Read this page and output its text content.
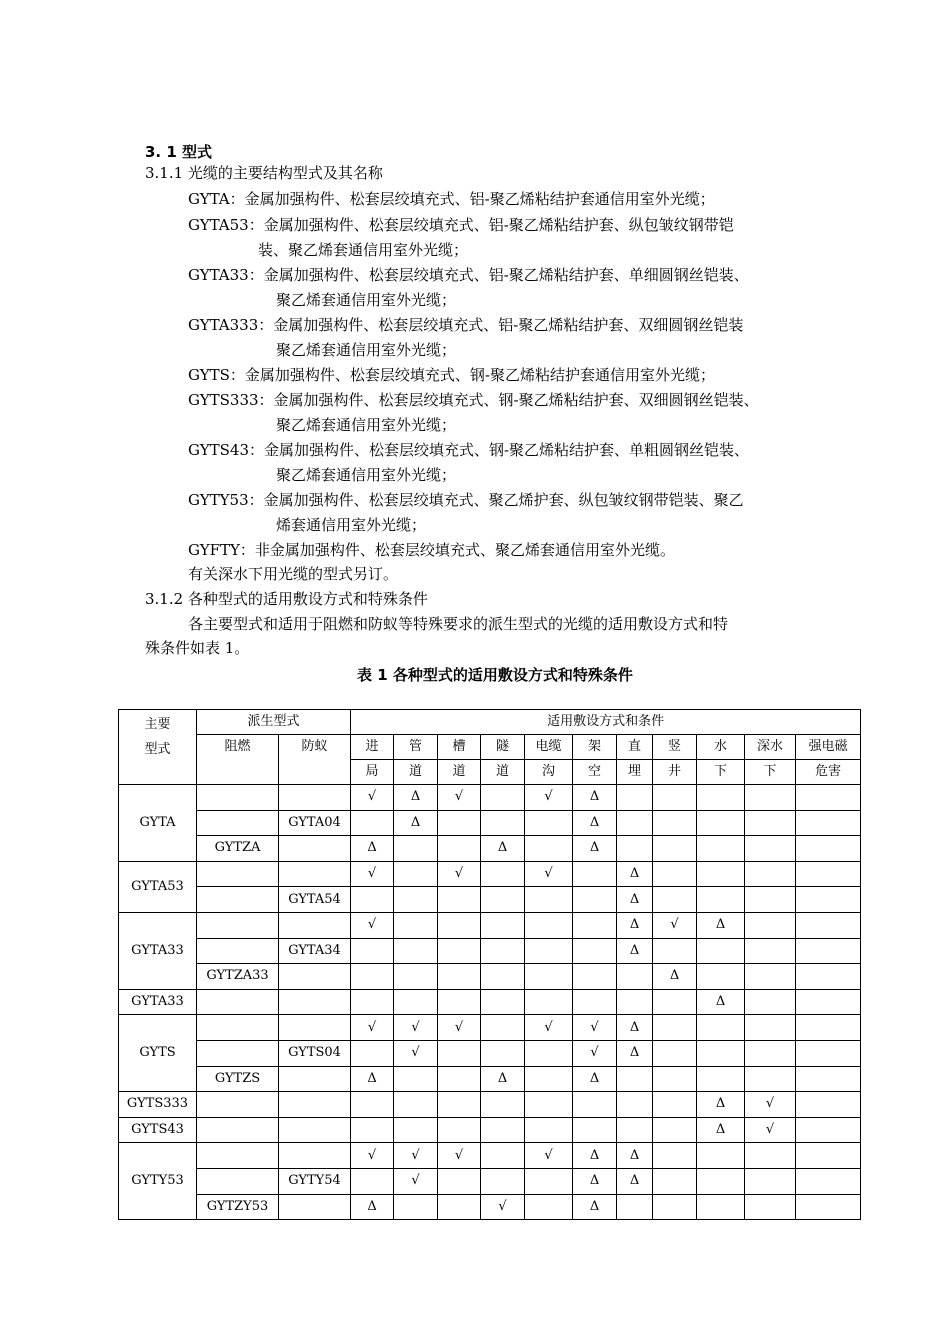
3. 1 型式
3.1.1 光缆的主要结构型式及其名称
GYTA：金属加强构件、松套层绞填充式、铝-聚乙烯粘结护套通信用室外光缆；
GYTA53：金属加强构件、松套层绞填充式、铝-聚乙烯粘结护套、纵包皱纹钢带铠
装、聚乙烯套通信用室外光缆；
GYTA33：金属加强构件、松套层绞填充式、铝-聚乙烯粘结护套、单细圆钢丝铠装、
聚乙烯套通信用室外光缆；
GYTA333：金属加强构件、松套层绞填充式、铝-聚乙烯粘结护套、双细圆钢丝铠装
聚乙烯套通信用室外光缆；
GYTS：金属加强构件、松套层绞填充式、钢-聚乙烯粘结护套通信用室外光缆；
GYTS333：金属加强构件、松套层绞填充式、钢-聚乙烯粘结护套、双细圆钢丝铠装、
聚乙烯套通信用室外光缆；
GYTS43：金属加强构件、松套层绞填充式、钢-聚乙烯粘结护套、单粗圆钢丝铠装、
聚乙烯套通信用室外光缆；
GYTY53：金属加强构件、松套层绞填充式、聚乙烯护套、纵包皱纹钢带铠装、聚乙
烯套通信用室外光缆；
GYFTY：非金属加强构件、松套层绞填充式、聚乙烯套通信用室外光缆。
有关深水下用光缆的型式另订。
3.1.2 各种型式的适用敷设方式和特殊条件
各主要型式和适用于阻燃和防蚁等特殊要求的派生型式的光缆的适用敷设方式和特
殊条件如表 1。
表 1 各种型式的适用敷设方式和特殊条件
主要
型式	派生型式		适用敷设方式和条件										
	阻燃	防蚁	进	管	槽	隧	电缆	架	直	竖	水	深水	强电磁
			局	道	道	道	沟	空	埋	井	下	下	危害
GYTA			√	Δ	√		√	Δ					
		GYTA04		Δ				Δ					
	GYTZA		Δ			Δ		Δ					
GYTA53			√		√		√		Δ				
		GYTA54							Δ				
GYTA33			√						Δ	√	Δ		
		GYTA34							Δ				
	GYTZA33									Δ			
GYTA33											Δ		
GYTS			√	√	√		√	√	Δ				
		GYTS04		√				√	Δ				
	GYTZS		Δ			Δ		Δ					
GYTS333											Δ	√	
GYTS43											Δ	√	
GYTY53			√	√	√		√	Δ	Δ				
		GYTY54		√				Δ	Δ				
	GYTZY53		Δ			√		Δ					
